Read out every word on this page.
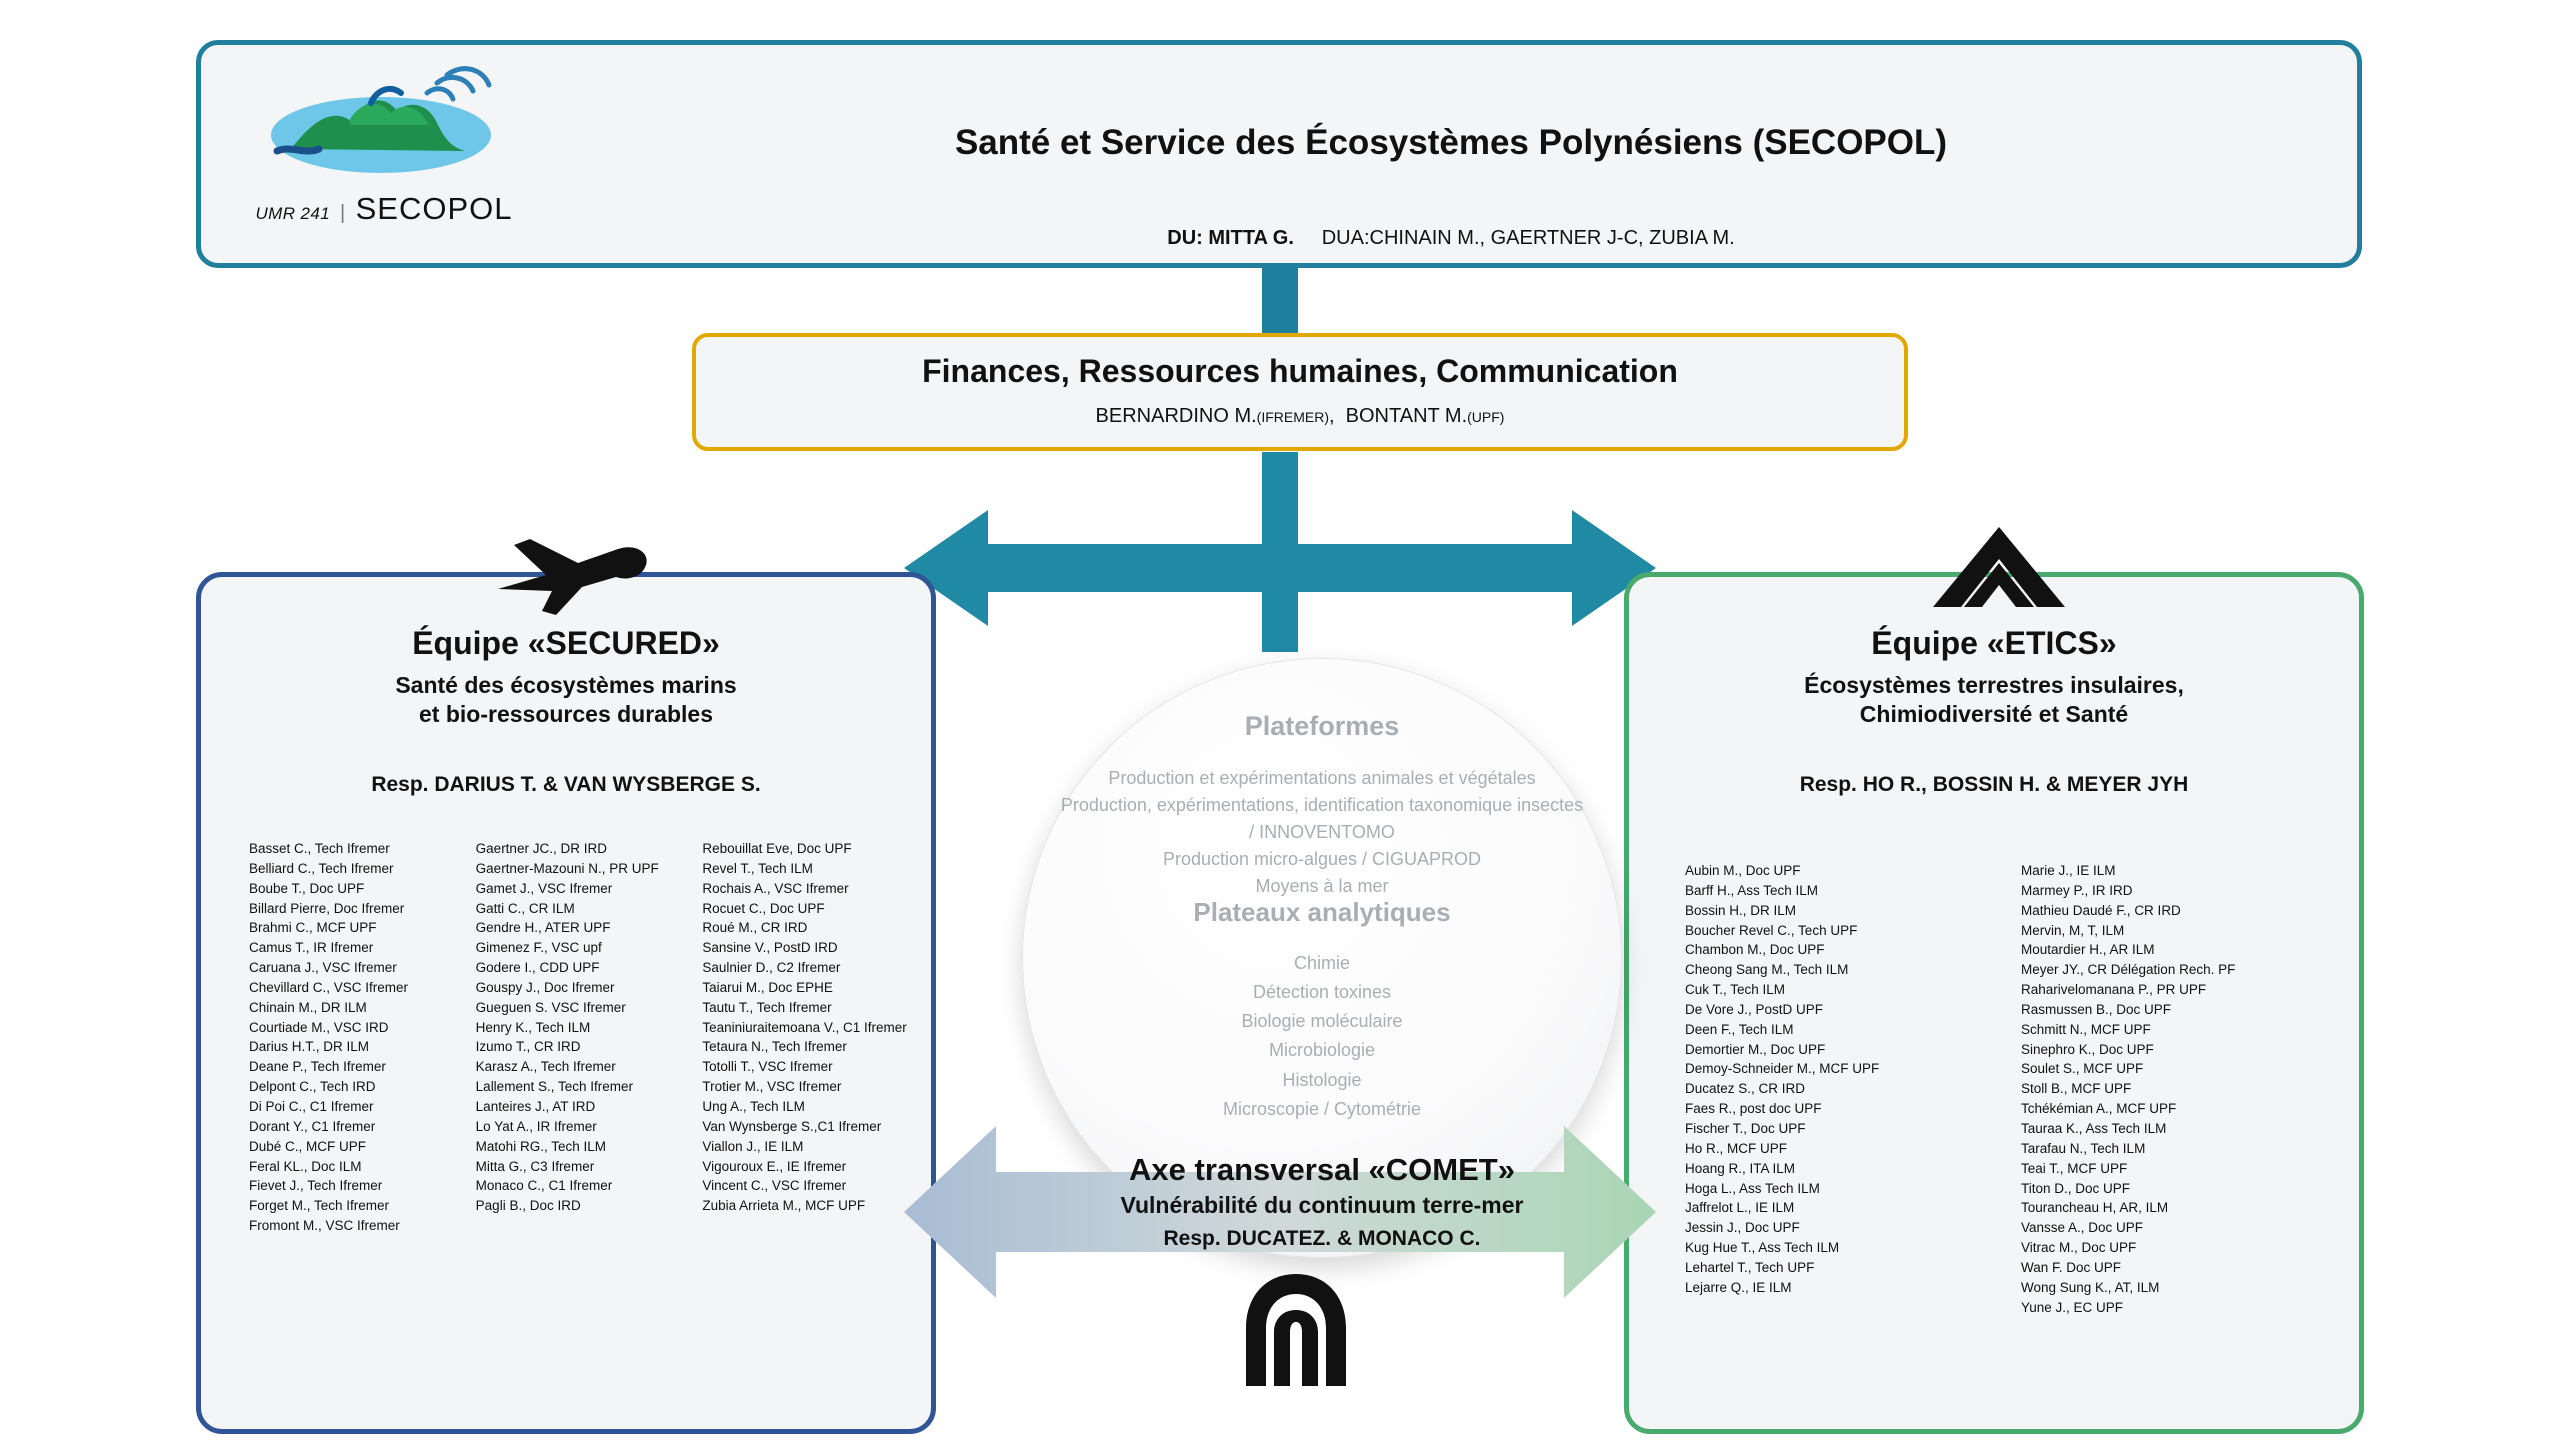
UMR 241 | SECOPOL
Santé et Service des Écosystèmes Polynésiens (SECOPOL)
DU: MITTA G. DUA:CHINAIN M., GAERTNER J-C, ZUBIA M.
Finances, Ressources humaines, Communication
BERNARDINO M.(IFREMER),  BONTANT M.(UPF)
Équipe «SECURED»
Santé des écosystèmes marins
et bio-ressources durables
Resp. DARIUS T. & VAN WYSBERGE S.
Basset C., Tech Ifremer
Belliard C., Tech Ifremer
Boube T., Doc UPF
Billard Pierre, Doc Ifremer
Brahmi C., MCF UPF
Camus T., IR Ifremer
Caruana J., VSC Ifremer
Chevillard C., VSC Ifremer
Chinain M., DR ILM
Courtiade M., VSC IRD
Darius H.T., DR ILM
Deane P., Tech Ifremer
Delpont C., Tech IRD
Di Poi C., C1 Ifremer
Dorant Y., C1 Ifremer
Dubé C., MCF UPF
Feral KL., Doc ILM
Fievet J., Tech Ifremer
Forget M., Tech Ifremer
Fromont M., VSC Ifremer
Gaertner JC., DR IRD
Gaertner-Mazouni N., PR UPF
Gamet J., VSC Ifremer
Gatti C., CR ILM
Gendre H., ATER UPF
Gimenez F., VSC upf
Godere I., CDD UPF
Gouspy J., Doc Ifremer
Gueguen S. VSC Ifremer
Henry K., Tech ILM
Izumo T., CR IRD
Karasz A., Tech Ifremer
Lallement S., Tech Ifremer
Lanteires J., AT IRD
Lo Yat A., IR Ifremer
Matohi RG., Tech ILM
Mitta G., C3 Ifremer
Monaco C., C1 Ifremer
Pagli B., Doc IRD
Rebouillat Eve, Doc UPF
Revel T., Tech ILM
Rochais A., VSC Ifremer
Rocuet C., Doc UPF
Roué M., CR IRD
Sansine V., PostD IRD
Saulnier D., C2 Ifremer
Taiarui M., Doc EPHE
Tautu T., Tech Ifremer
Teaniniuraitemoana V., C1 Ifremer
Tetaura N., Tech Ifremer
Totolli T., VSC Ifremer
Trotier M., VSC Ifremer
Ung A., Tech ILM
Van Wynsberge S.,C1 Ifremer
Viallon J., IE ILM
Vigouroux E., IE Ifremer
Vincent C., VSC Ifremer
Zubia Arrieta M., MCF UPF
Équipe «ETICS»
Écosystèmes terrestres insulaires,
Chimiodiversité et Santé
Resp. HO R., BOSSIN H. & MEYER JYH
Aubin M., Doc UPF
Barff H., Ass Tech ILM
Bossin H., DR ILM
Boucher Revel C., Tech UPF
Chambon M., Doc UPF
Cheong Sang M., Tech ILM
Cuk T., Tech ILM
De Vore J., PostD UPF
Deen F., Tech ILM
Demortier M., Doc UPF
Demoy-Schneider M., MCF UPF
Ducatez S., CR IRD
Faes R., post doc UPF
Fischer T., Doc UPF
Ho R., MCF UPF
Hoang R., ITA ILM
Hoga L., Ass Tech ILM
Jaffrelot L., IE ILM
Jessin J., Doc UPF
Kug Hue T., Ass Tech ILM
Lehartel T., Tech UPF
Lejarre Q., IE ILM
Marie J., IE ILM
Marmey P., IR IRD
Mathieu Daudé F., CR IRD
Mervin, M, T, ILM
Moutardier H., AR ILM
Meyer JY., CR Délégation Rech. PF
Raharivelomanana P., PR UPF
Rasmussen B., Doc UPF
Schmitt N., MCF UPF
Sinephro K., Doc UPF
Soulet S., MCF UPF
Stoll B., MCF UPF
Tchékémian A., MCF UPF
Tauraa K., Ass Tech ILM
Tarafau N., Tech ILM
Teai T., MCF UPF
Titon D., Doc UPF
Tourancheau H, AR, ILM
Vansse A., Doc UPF
Vitrac M., Doc UPF
Wan F. Doc UPF
Wong Sung K., AT, ILM
Yune J., EC UPF
Plateformes
Production et expérimentations animales et végétales
Production, expérimentations, identification taxonomique insectes / INNOVENTOMO
Production micro-algues / CIGUAPROD
Moyens à la mer
Plateaux analytiques
Chimie
Détection toxines
Biologie moléculaire
Microbiologie
Histologie
Microscopie / Cytométrie
Axe transversal «COMET»
Vulnérabilité du continuum terre-mer
Resp. DUCATEZ. & MONACO C.
